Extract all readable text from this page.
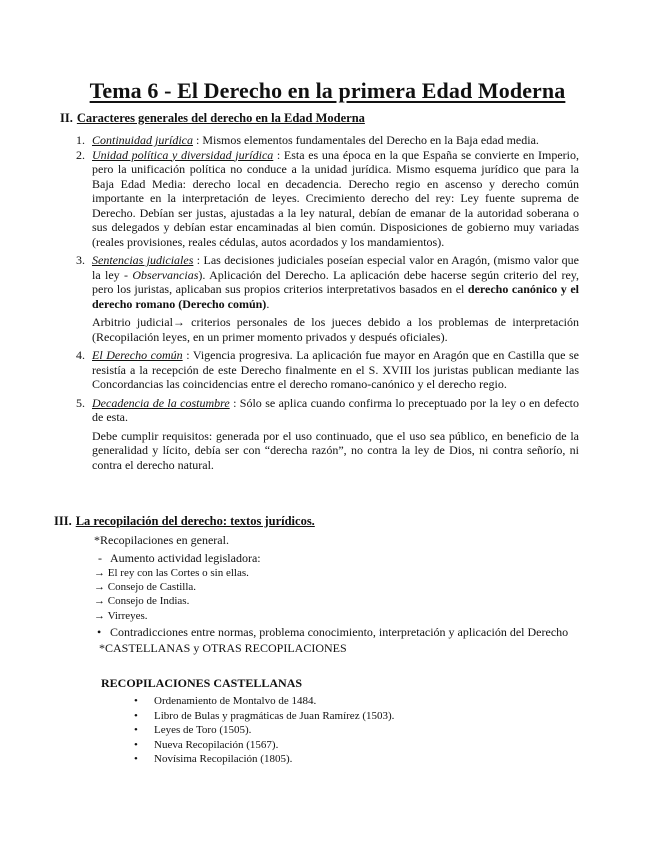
Tema 6 - El Derecho en la primera Edad Moderna

II. Caracteres generales del derecho en la Edad Moderna

1. Continuidad jurídica : Mismos elementos fundamentales del Derecho en la Baja edad media.
2. Unidad política y diversidad jurídica : Esta es una época en la que España se convierte en Imperio, pero la unificación política no conduce a la unidad jurídica. Mismo esquema jurídico que para la Baja Edad Media: derecho local en decadencia. Derecho regio en ascenso y derecho común importante en la interpretación de leyes. Crecimiento derecho del rey: Ley fuente suprema de Derecho. Debían ser justas, ajustadas a la ley natural, debían de emanar de la autoridad soberana o sus delegados y debían estar encaminadas al bien común. Disposiciones de gobierno muy variadas (reales provisiones, reales cédulas, autos acordados y los mandamientos).
3. Sentencias judiciales : Las decisiones judiciales poseían especial valor en Aragón, (mismo valor que la ley - Observancias). Aplicación del Derecho. La aplicación debe hacerse según criterio del rey, pero los juristas, aplicaban sus propios criterios interpretativos basados en el derecho canónico y el derecho romano (Derecho común).

Arbitrio judicial→ criterios personales de los jueces debido a los problemas de interpretación (Recopilación leyes, en un primer momento privados y después oficiales).

4. El Derecho común : Vigencia progresiva. La aplicación fue mayor en Aragón que en Castilla que se resistía a la recepción de este Derecho finalmente en el S. XVIII los juristas publican mediante las Concordancias las coincidencias entre el derecho romano-canónico y el derecho regio.
5. Decadencia de la costumbre : Sólo se aplica cuando confirma lo preceptuado por la ley o en defecto de esta.

Debe cumplir requisitos: generada por el uso continuado, que el uso sea público, en beneficio de la generalidad y lícito, debía ser con “derecha razón”, no contra la ley de Dios, ni contra señorío, ni contra el derecho natural.

III. La recopilación del derecho: textos jurídicos.

*Recopilaciones en general.
- Aumento actividad legisladora:
→ El rey con las Cortes o sin ellas.
→ Consejo de Castilla.
→ Consejo de Indias.
→ Virreyes.
• Contradicciones entre normas, problema conocimiento, interpretación y aplicación del Derecho
*CASTELLANAS y OTRAS RECOPILACIONES
RECOPILACIONES CASTELLANAS
• Ordenamiento de Montalvo de 1484.
• Libro de Bulas y pragmáticas de Juan Ramírez (1503).
• Leyes de Toro (1505).
• Nueva Recopilación (1567).
• Novísima Recopilación (1805).
